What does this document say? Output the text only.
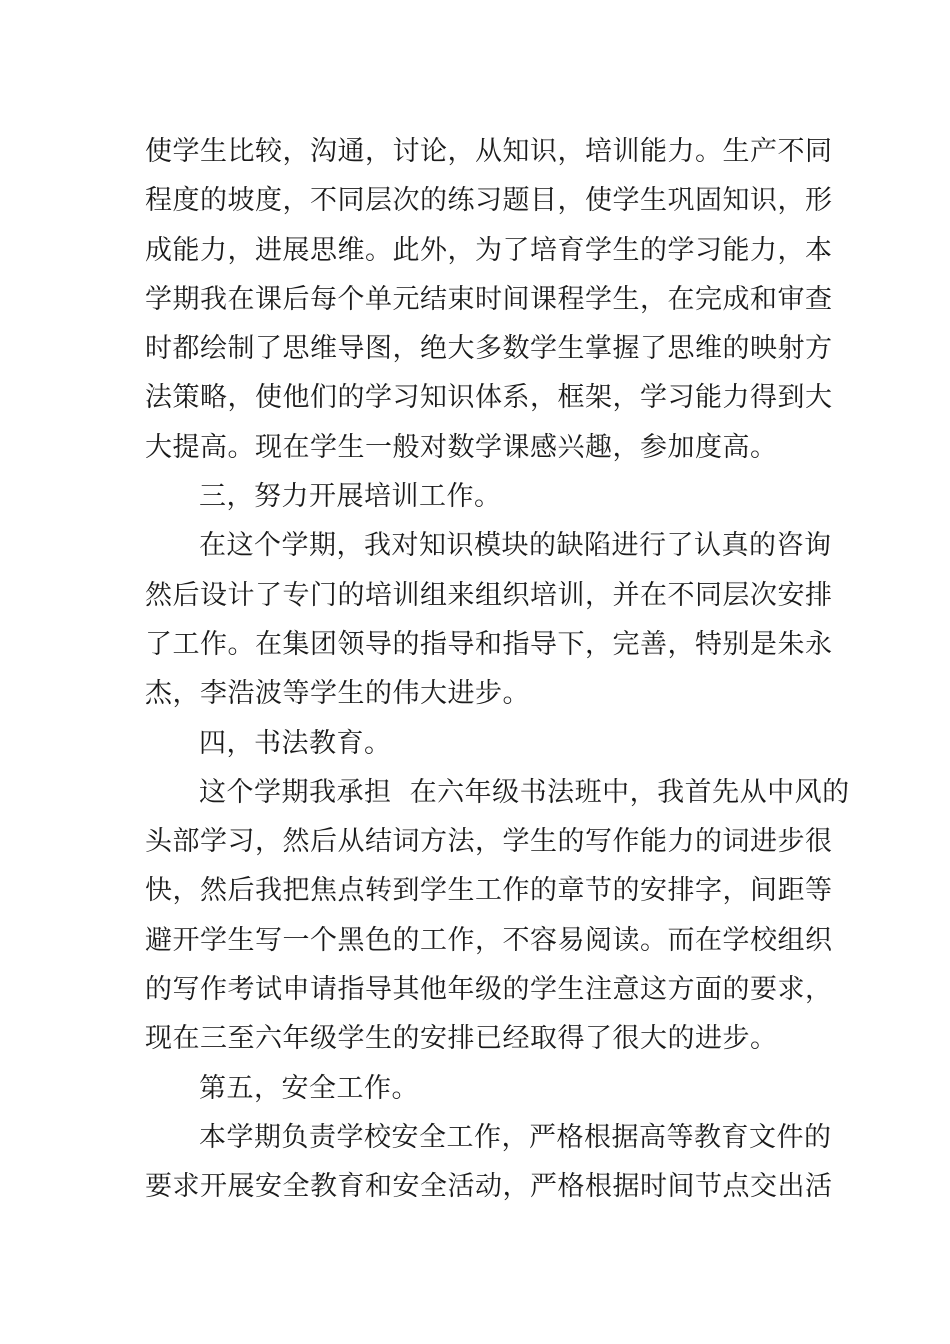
使学生比较，沟通，讨论，从知识，培训能力。生产不同
程度的坡度，不同层次的练习题目，使学生巩固知识，形
成能力，进展思维。此外，为了培育学生的学习能力，本
学期我在课后每个单元结束时间课程学生，在完成和审查
时都绘制了思维导图，绝大多数学生掌握了思维的映射方
法策略，使他们的学习知识体系，框架，学习能力得到大
大提高。现在学生一般对数学课感兴趣，参加度高。
三，努力开展培训工作。
在这个学期，我对知识模块的缺陷进行了认真的咨询
然后设计了专门的培训组来组织培训，并在不同层次安排
了工作。在集团领导的指导和指导下，完善，特别是朱永
杰，李浩波等学生的伟大进步。
四，书法教育。
这个学期我承担  在六年级书法班中，我首先从中风的
头部学习，然后从结词方法，学生的写作能力的词进步很
快，然后我把焦点转到学生工作的章节的安排字，间距等
避开学生写一个黑色的工作，不容易阅读。而在学校组织
的写作考试申请指导其他年级的学生注意这方面的要求，
现在三至六年级学生的安排已经取得了很大的进步。
第五，安全工作。
本学期负责学校安全工作，严格根据高等教育文件的
要求开展安全教育和安全活动，严格根据时间节点交出活
